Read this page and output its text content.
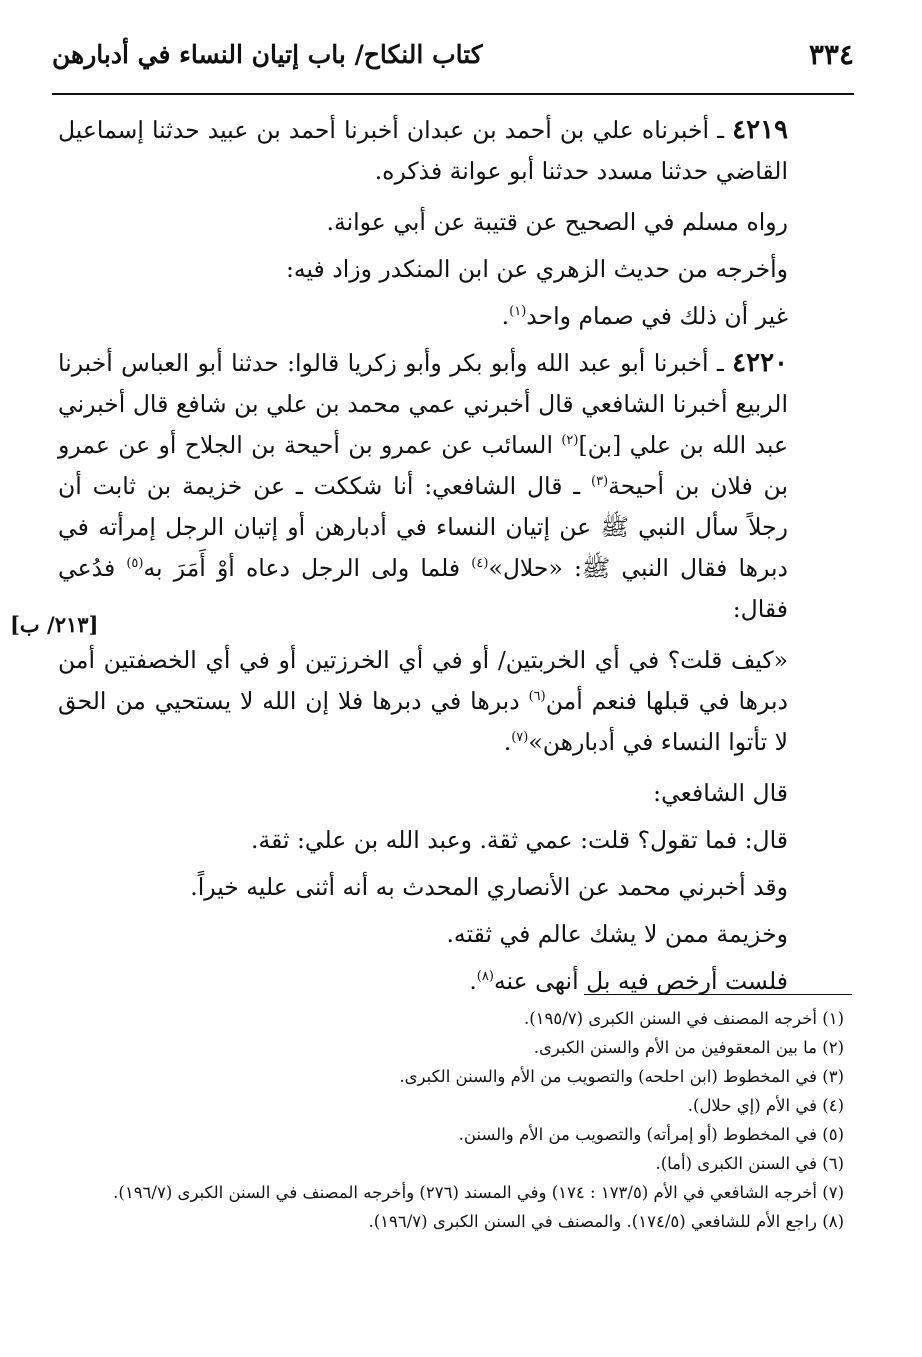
٣٣٤
كتاب النكاح/ باب إتيان النساء في أدبارهن
[٢١٣/ ب]

٤٢١٩ ـ أخبرناه علي بن أحمد بن عبدان أخبرنا أحمد بن عبيد حدثنا إسماعيل القاضي حدثنا مسدد حدثنا أبو عوانة فذكره.

رواه مسلم في الصحيح عن قتيبة عن أبي عوانة.

وأخرجه من حديث الزهري عن ابن المنكدر وزاد فيه:

غير أن ذلك في صمام واحد$^{(١)}$.

٤٢٢٠ ـ أخبرنا أبو عبد الله وأبو بكر وأبو زكريا قالوا: حدثنا أبو العباس أخبرنا الربيع أخبرنا الشافعي قال أخبرني عمي محمد بن علي بن شافع قال أخبرني عبد الله بن علي [بن]$^{(٢)}$ السائب عن عمرو بن أحيحة بن الجلاح أو عن عمرو بن فلان بن أحيحة$^{(٣)}$ ـ قال الشافعي: أنا شككت ـ عن خزيمة بن ثابت أن رجلاً سأل النبي ﷺ عن إتيان النساء في أدبارهن أو إتيان الرجل إمرأته في دبرها فقال النبي ﷺ: «حلال»$^{(٤)}$ فلما ولى الرجل دعاه أوْ أَمَرَ به$^{(٥)}$ فدُعي فقال:

«كيف قلت؟ في أي الخربتين/ أو في أي الخرزتين أو في أي الخصفتين أمن دبرها في قبلها فنعم أمن$^{(٦)}$ دبرها في دبرها فلا إن الله لا يستحيي من الحق لا تأتوا النساء في أدبارهن»$^{(٧)}$.

قال الشافعي:

قال: فما تقول؟ قلت: عمي ثقة. وعبد الله بن علي: ثقة.

وقد أخبرني محمد عن الأنصاري المحدث به أنه أثنى عليه خيراً.

وخزيمة ممن لا يشك عالم في ثقته.

فلست أرخص فيه بل أنهى عنه$^{(٨)}$.

(١) أخرجه المصنف في السنن الكبرى (١٩٥/٧).

(٢) ما بين المعقوفين من الأم والسنن الكبرى.

(٣) في المخطوط (ابن احلحه) والتصويب من الأم والسنن الكبرى.

(٤) في الأم (إي حلال).

(٥) في المخطوط (أو إمرأته) والتصويب من الأم والسنن.

(٦) في السنن الكبرى (أما).

(٧) أخرجه الشافعي في الأم (١٧٣/٥ : ١٧٤) وفي المسند (٢٧٦) وأخرجه المصنف في السنن الكبرى (١٩٦/٧).

(٨) راجع الأم للشافعي (١٧٤/٥). والمصنف في السنن الكبرى (١٩٦/٧).
